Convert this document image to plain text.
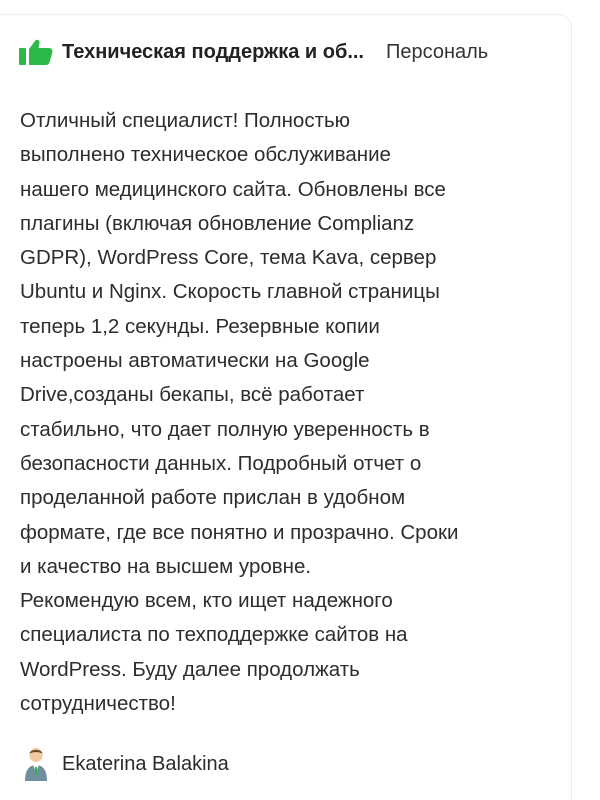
Техническая поддержка и об... Персональ

Отличный специалист! Полностью
выполнено техническое обслуживание
нашего медицинского сайта. Обновлены все
плагины (включая обновление Complianz
GDPR), WordPress Core, тема Kava, сервер
Ubuntu и Nginx. Скорость главной страницы
теперь 1,2 секунды. Резервные копии
настроены автоматически на Google
Drive,созданы бекапы, всё работает
стабильно, что дает полную уверенность в
безопасности данных. Подробный отчет о
проделанной работе прислан в удобном
формате, где все понятно и прозрачно. Сроки
и качество на высшем уровне.
Рекомендую всем, кто ищет надежного
специалиста по техподдержке сайтов на
WordPress. Буду далее продолжать
сотрудничество!

Ekaterina Balakina
